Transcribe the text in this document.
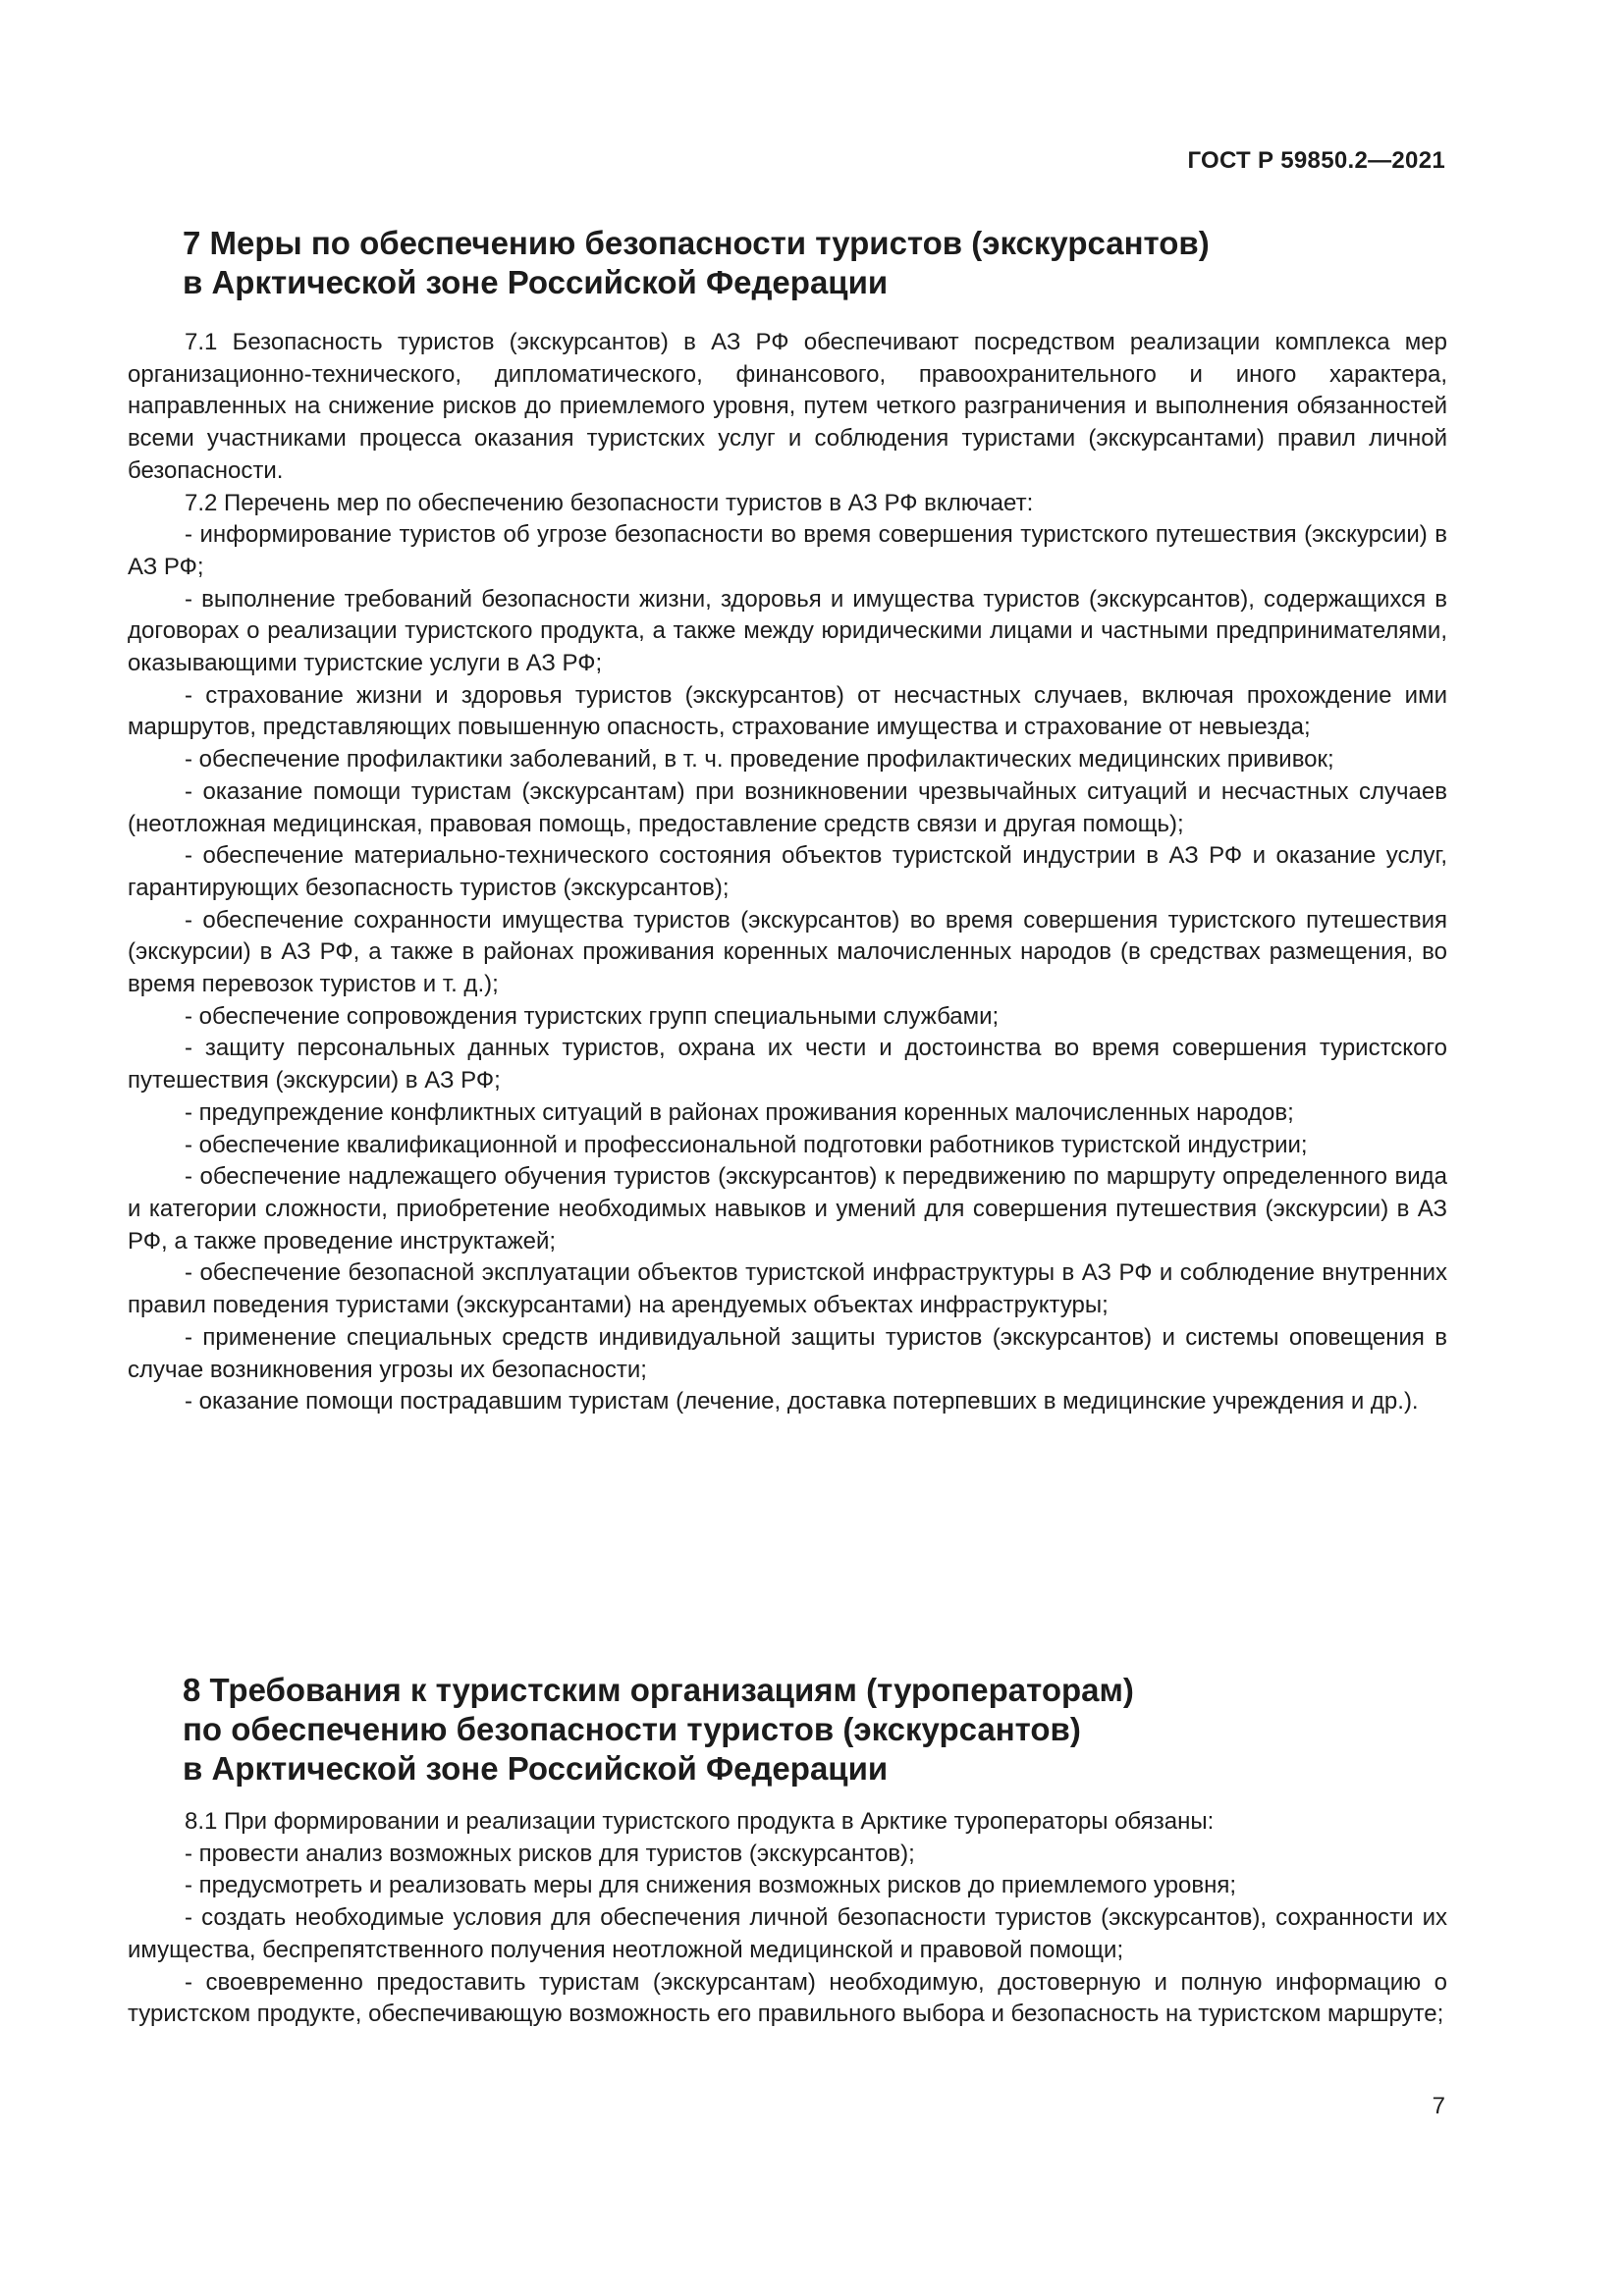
ГОСТ Р 59850.2—2021
7 Меры по обеспечению безопасности туристов (экскурсантов)
в Арктической зоне Российской Федерации

7.1 Безопасность туристов (экскурсантов) в АЗ РФ обеспечивают посредством реализации комплекса мер организационно-технического, дипломатического, финансового, правоохранительного и иного характера, направленных на снижение рисков до приемлемого уровня, путем четкого разграничения и выполнения обязанностей всеми участниками процесса оказания туристских услуг и соблюдения туристами (экскурсантами) правил личной безопасности.

7.2 Перечень мер по обеспечению безопасности туристов в АЗ РФ включает:

- информирование туристов об угрозе безопасности во время совершения туристского путешествия (экскурсии) в АЗ РФ;

- выполнение требований безопасности жизни, здоровья и имущества туристов (экскурсантов), содержащихся в договорах о реализации туристского продукта, а также между юридическими лицами и частными предпринимателями, оказывающими туристские услуги в АЗ РФ;

- страхование жизни и здоровья туристов (экскурсантов) от несчастных случаев, включая прохождение ими маршрутов, представляющих повышенную опасность, страхование имущества и страхование от невыезда;

- обеспечение профилактики заболеваний, в т. ч. проведение профилактических медицинских прививок;

- оказание помощи туристам (экскурсантам) при возникновении чрезвычайных ситуаций и несчастных случаев (неотложная медицинская, правовая помощь, предоставление средств связи и другая помощь);

- обеспечение материально-технического состояния объектов туристской индустрии в АЗ РФ и оказание услуг, гарантирующих безопасность туристов (экскурсантов);

- обеспечение сохранности имущества туристов (экскурсантов) во время совершения туристского путешествия (экскурсии) в АЗ РФ, а также в районах проживания коренных малочисленных народов (в средствах размещения, во время перевозок туристов и т. д.);

- обеспечение сопровождения туристских групп специальными службами;

- защиту персональных данных туристов, охрана их чести и достоинства во время совершения туристского путешествия (экскурсии) в АЗ РФ;

- предупреждение конфликтных ситуаций в районах проживания коренных малочисленных народов;

- обеспечение квалификационной и профессиональной подготовки работников туристской индустрии;

- обеспечение надлежащего обучения туристов (экскурсантов) к передвижению по маршруту определенного вида и категории сложности, приобретение необходимых навыков и умений для совершения путешествия (экскурсии) в АЗ РФ, а также проведение инструктажей;

- обеспечение безопасной эксплуатации объектов туристской инфраструктуры в АЗ РФ и соблюдение внутренних правил поведения туристами (экскурсантами) на арендуемых объектах инфраструктуры;

- применение специальных средств индивидуальной защиты туристов (экскурсантов) и системы оповещения в случае возникновения угрозы их безопасности;

- оказание помощи пострадавшим туристам (лечение, доставка потерпевших в медицинские учреждения и др.).

8 Требования к туристским организациям (туроператорам)
по обеспечению безопасности туристов (экскурсантов)
в Арктической зоне Российской Федерации

8.1 При формировании и реализации туристского продукта в Арктике туроператоры обязаны:

- провести анализ возможных рисков для туристов (экскурсантов);

- предусмотреть и реализовать меры для снижения возможных рисков до приемлемого уровня;

- создать необходимые условия для обеспечения личной безопасности туристов (экскурсантов), сохранности их имущества, беспрепятственного получения неотложной медицинской и правовой помощи;

- своевременно предоставить туристам (экскурсантам) необходимую, достоверную и полную информацию о туристском продукте, обеспечивающую возможность его правильного выбора и безопасность на туристском маршруте;

7
